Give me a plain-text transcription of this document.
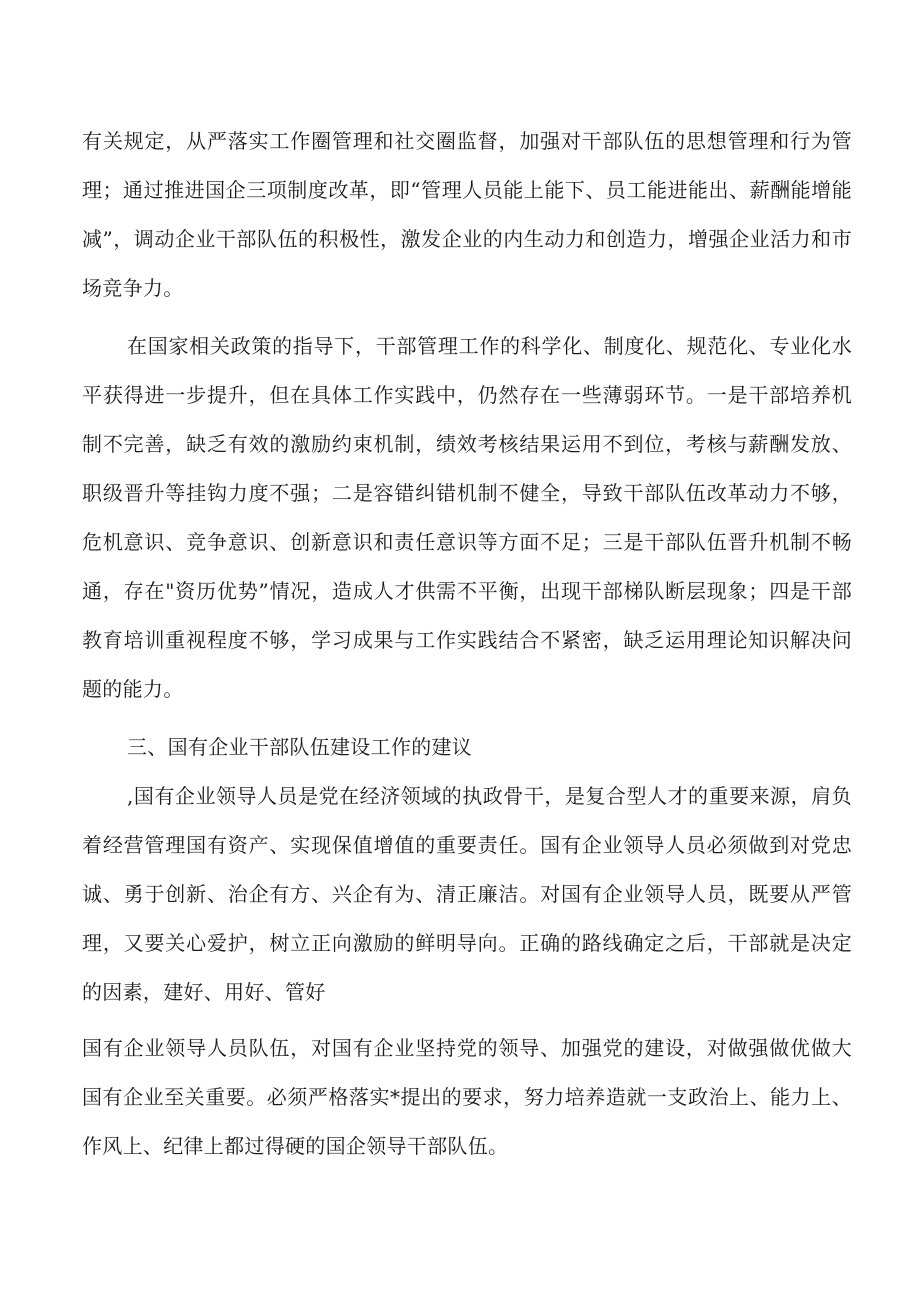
有关规定，从严落实工作圈管理和社交圈监督，加强对干部队伍的思想管理和行为管理；通过推进国企三项制度改革，即“管理人员能上能下、员工能进能出、薪酬能增能减”，调动企业干部队伍的积极性，激发企业的内生动力和创造力，增强企业活力和市场竞争力。

在国家相关政策的指导下，干部管理工作的科学化、制度化、规范化、专业化水平获得进一步提升，但在具体工作实践中，仍然存在一些薄弱环节。一是干部培养机制不完善，缺乏有效的激励约束机制，绩效考核结果运用不到位，考核与薪酬发放、职级晋升等挂钩力度不强；二是容错纠错机制不健全，导致干部队伍改革动力不够，危机意识、竞争意识、创新意识和责任意识等方面不足；三是干部队伍晋升机制不畅通，存在"资历优势”情况，造成人才供需不平衡，出现干部梯队断层现象；四是干部教育培训重视程度不够，学习成果与工作实践结合不紧密，缺乏运用理论知识解决问题的能力。

三、国有企业干部队伍建设工作的建议

,国有企业领导人员是党在经济领域的执政骨干，是复合型人才的重要来源，肩负着经营管理国有资产、实现保值增值的重要责任。国有企业领导人员必须做到对党忠诚、勇于创新、治企有方、兴企有为、清正廉洁。对国有企业领导人员，既要从严管理，又要关心爱护，树立正向激励的鲜明导向。正确的路线确定之后，干部就是决定的因素，建好、用好、管好

国有企业领导人员队伍，对国有企业坚持党的领导、加强党的建设，对做强做优做大国有企业至关重要。必须严格落实*提出的要求，努力培养造就一支政治上、能力上、作风上、纪律上都过得硬的国企领导干部队伍。
